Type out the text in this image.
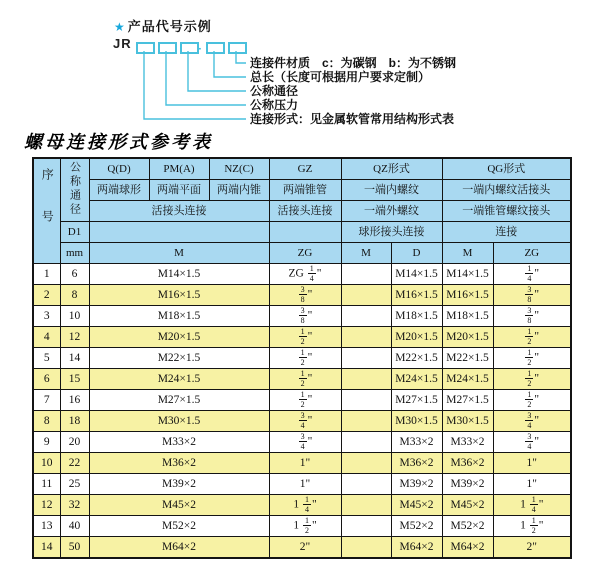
★ 产品代号示例
JR	-
连接件材质　c：为碳钢　b：为不锈钢
总长（长度可根据用户要求定制）
公称通径
公称压力
连接形式：见金属软管常用结构形式表
螺母连接形式参考表
序号	公称通径	Q(D)	PM(A)	NZ(C)	GZ	QZ形式		QG形式	
		两端球形	两端平面	两端内锥	两端锥管	一端内螺纹		一端内螺纹活接头	
		活接头连接			活接头连接	一端外螺纹		一端锥管螺纹接头	
	D1					球形接头连接		连接	
	mm	M			ZG	M	D	M	ZG
1	6	M14×1.5			ZG $\frac{1}{4}$ "		M14×1.5	M14×1.5	$\frac{1}{4}$ "
2	8	M16×1.5			$\frac{3}{8}$ "		M16×1.5	M16×1.5	$\frac{3}{8}$ "
3	10	M18×1.5			$\frac{3}{8}$ "		M18×1.5	M18×1.5	$\frac{3}{8}$ "
4	12	M20×1.5			$\frac{1}{2}$ "		M20×1.5	M20×1.5	$\frac{1}{2}$ "
5	14	M22×1.5			$\frac{1}{2}$ "		M22×1.5	M22×1.5	$\frac{1}{2}$ "
6	15	M24×1.5			$\frac{1}{2}$ "		M24×1.5	M24×1.5	$\frac{1}{2}$ "
7	16	M27×1.5			$\frac{1}{2}$ "		M27×1.5	M27×1.5	$\frac{1}{2}$ "
8	18	M30×1.5			$\frac{3}{4}$ "		M30×1.5	M30×1.5	$\frac{3}{4}$ "
9	20	M33×2			$\frac{3}{4}$ "		M33×2	M33×2	$\frac{3}{4}$ "
10	22	M36×2			1"		M36×2	M36×2	1"
11	25	M39×2			1"		M39×2	M39×2	1"
12	32	M45×2			$1 \frac{1}{4}$ "		M45×2	M45×2	$1 \frac{1}{4}$ "
13	40	M52×2			$1 \frac{1}{2}$ "		M52×2	M52×2	$1 \frac{1}{2}$ "
14	50	M64×2			2"		M64×2	M64×2	2"
